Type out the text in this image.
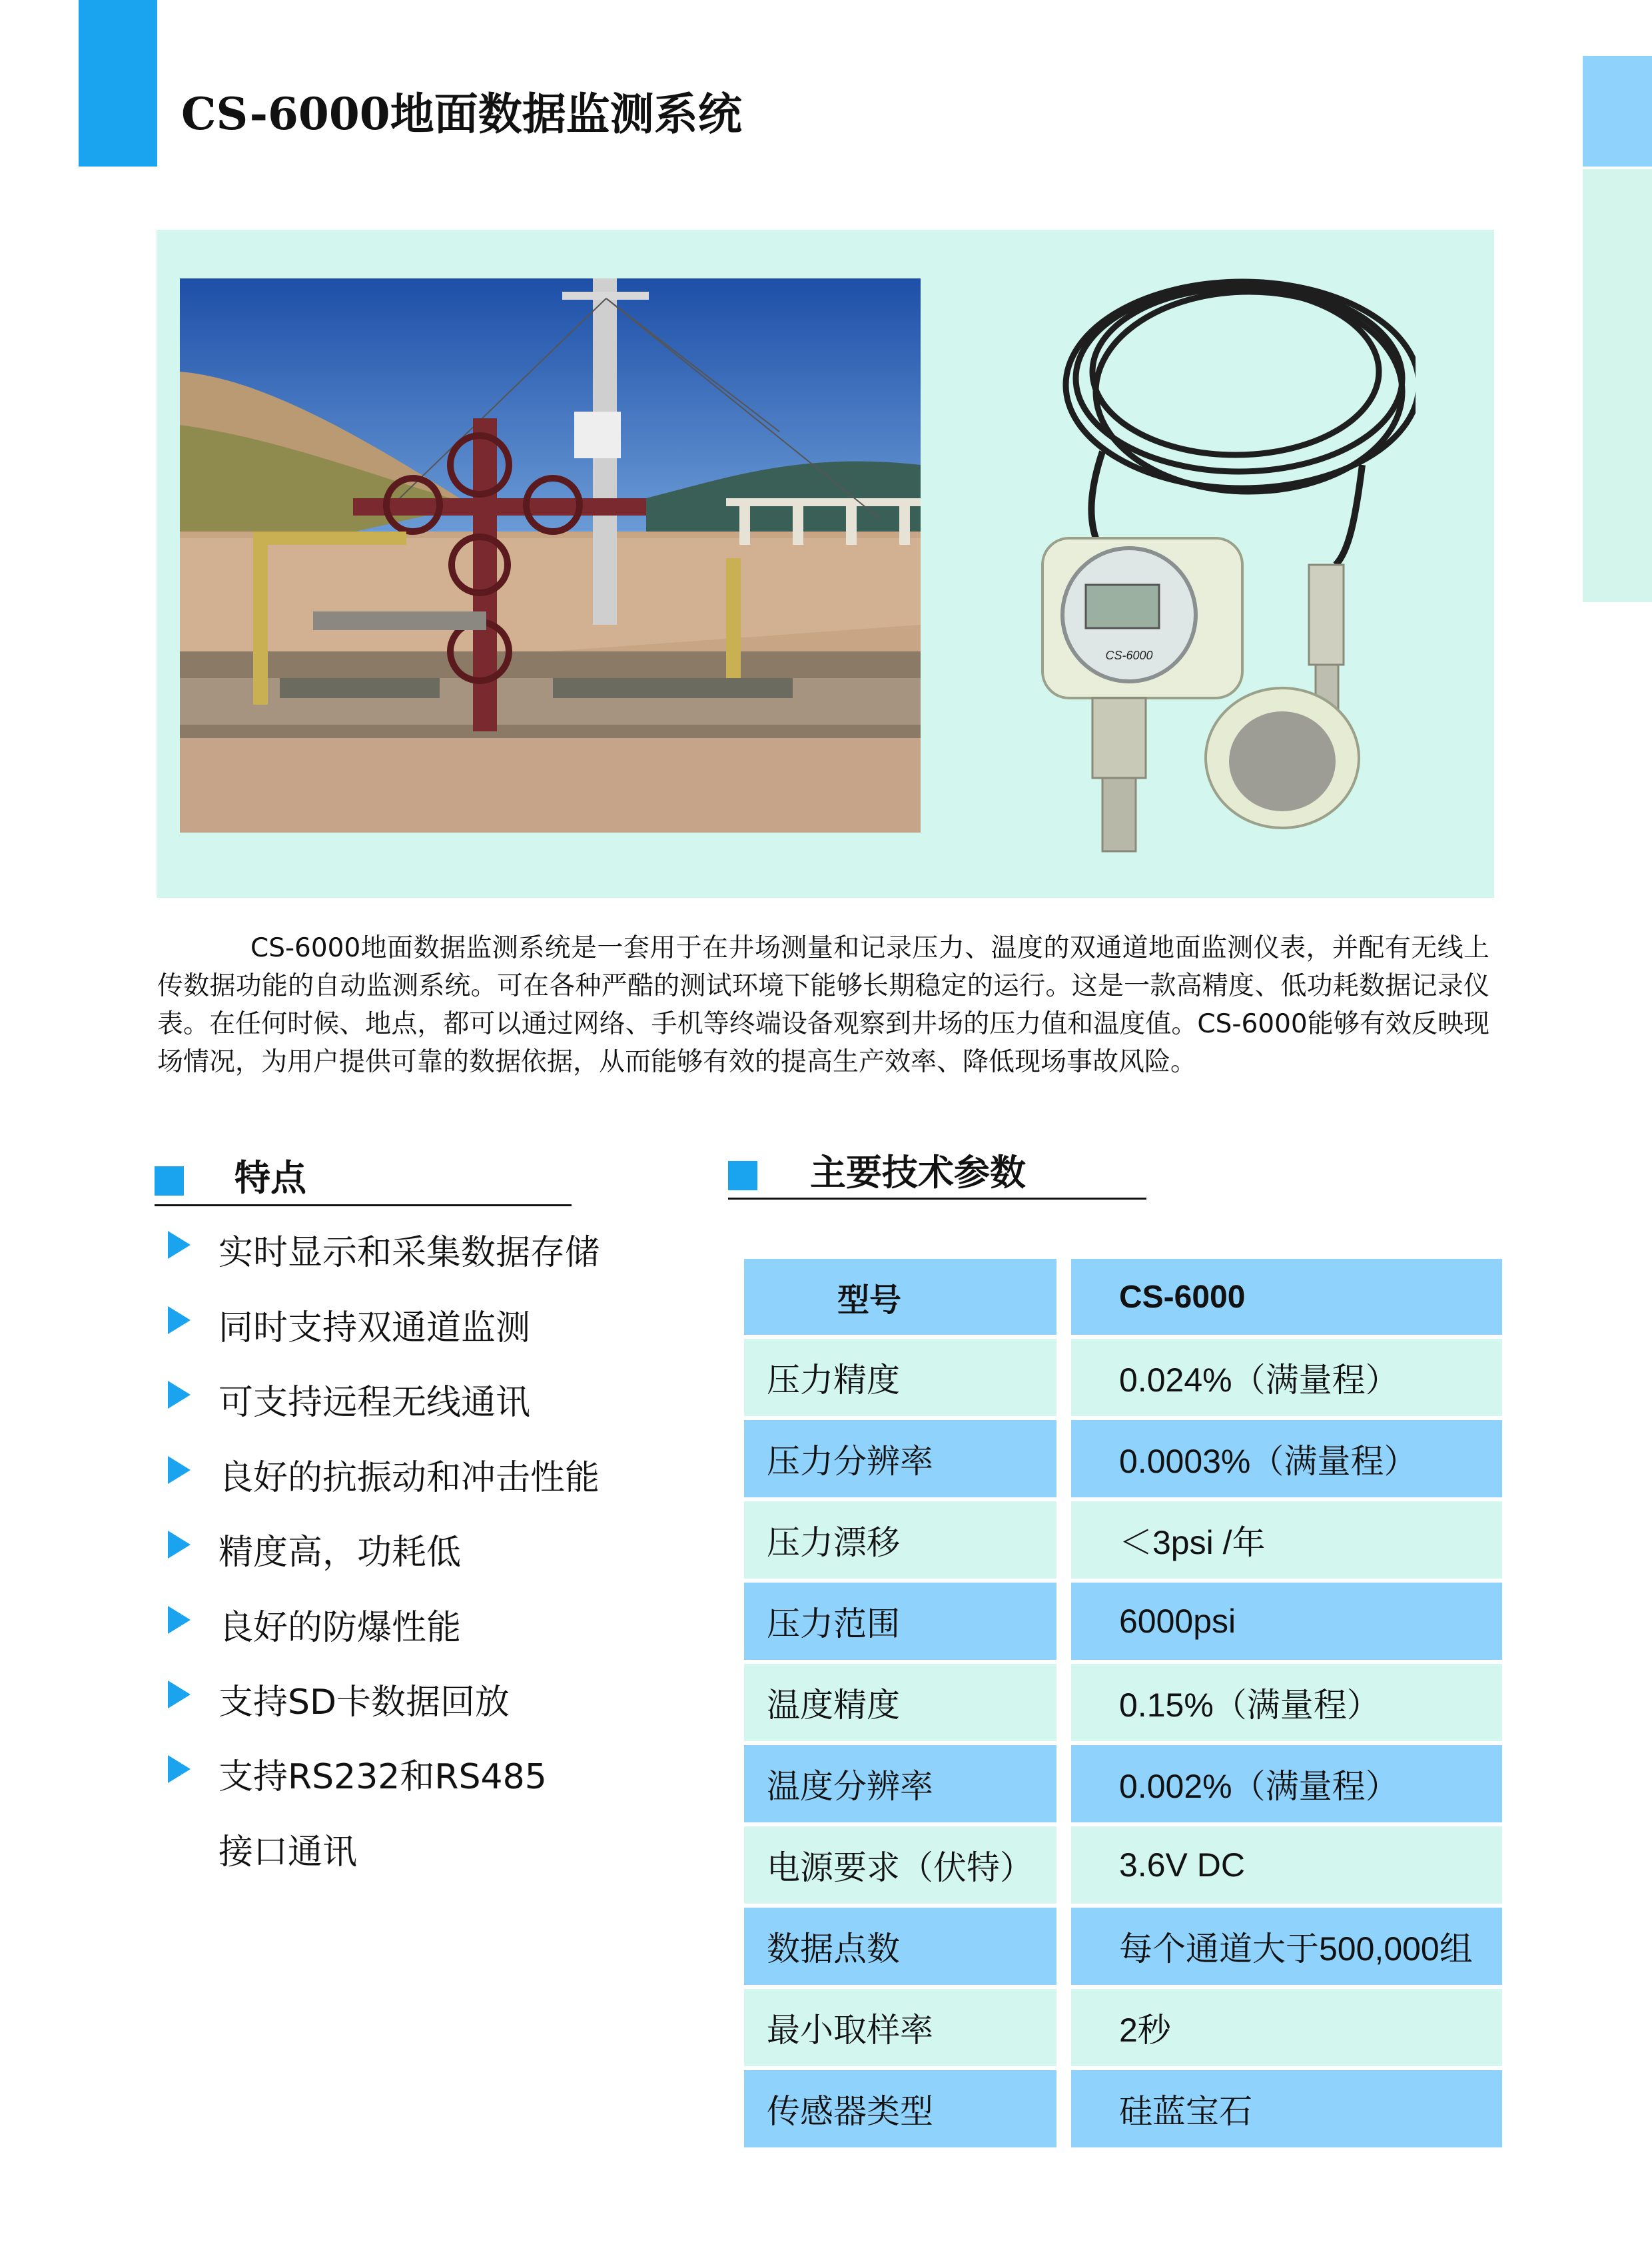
CS-6000地面数据监测系统
CS-6000
CS-6000地面数据监测系统是一套用于在井场测量和记录压力、温度的双通道地面监测仪表，并配有无线上传数据功能的自动监测系统。可在各种严酷的测试环境下能够长期稳定的运行。这是一款高精度、低功耗数据记录仪表。在任何时候、地点，都可以通过网络、手机等终端设备观察到井场的压力值和温度值。CS-6000能够有效反映现场情况，为用户提供可靠的数据依据，从而能够有效的提高生产效率、降低现场事故风险。
特点
实时显示和采集数据存储
同时支持双通道监测
可支持远程无线通讯
良好的抗振动和冲击性能
精度高，功耗低
良好的防爆性能
支持SD卡数据回放
支持RS232和RS485
接口通讯
主要技术参数
型号	CS-6000
压力精度	0.024%（满量程）
压力分辨率	0.0003%（满量程）
压力漂移	＜3psi /年
压力范围	6000psi
温度精度	0.15%（满量程）
温度分辨率	0.002%（满量程）
电源要求（伏特）	3.6V DC
数据点数	每个通道大于500,000组
最小取样率	2秒
传感器类型	硅蓝宝石
